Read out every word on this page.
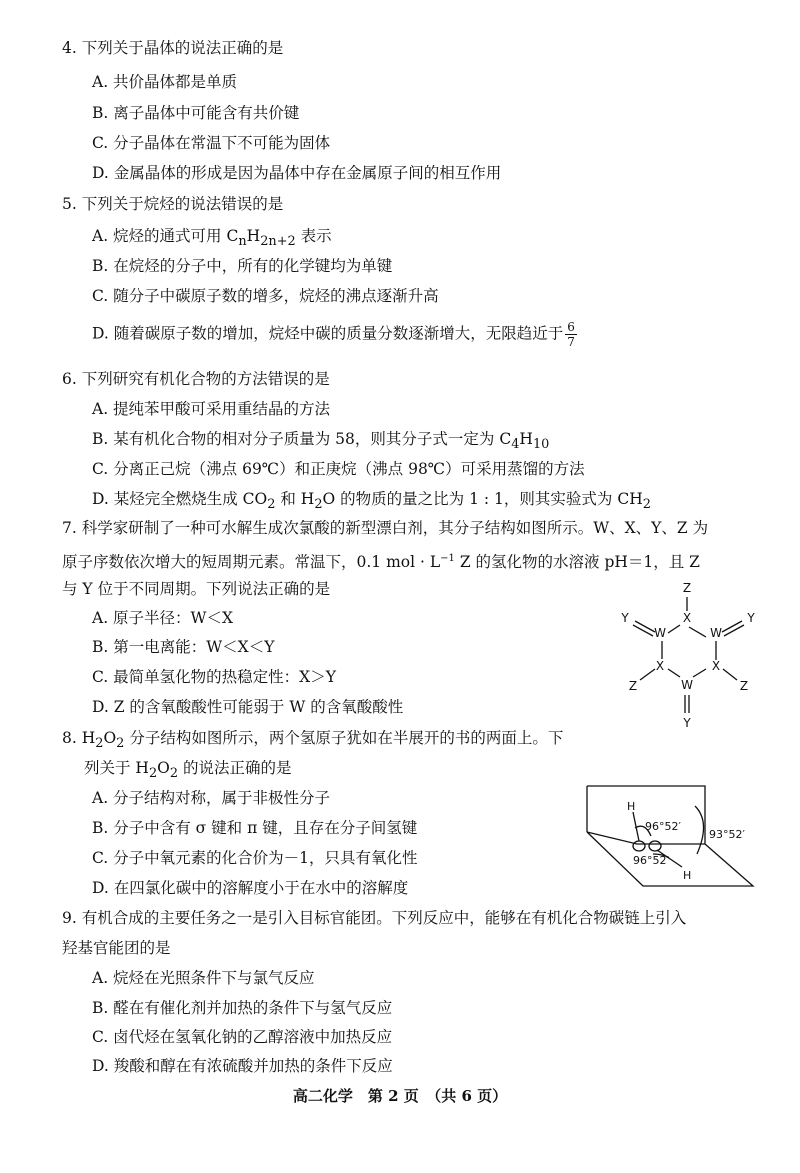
4. 下列关于晶体的说法正确的是
A. 共价晶体都是单质
B. 离子晶体中可能含有共价键
C. 分子晶体在常温下不可能为固体
D. 金属晶体的形成是因为晶体中存在金属原子间的相互作用
5. 下列关于烷烃的说法错误的是
A. 烷烃的通式可用 $C_nH_{2n+2}$ 表示
B. 在烷烃的分子中，所有的化学键均为单键
C. 随分子中碳原子数的增多，烷烃的沸点逐渐升高
D. 随着碳原子数的增加，烷烃中碳的质量分数逐渐增大，无限趋近于 $\frac{6}{7}$
6. 下列研究有机化合物的方法错误的是
A. 提纯苯甲酸可采用重结晶的方法
B. 某有机化合物的相对分子质量为 58，则其分子式一定为 $C_4H_{10}$
C. 分离正己烷（沸点 69℃）和正庚烷（沸点 98℃）可采用蒸馏的方法
D. 某烃完全燃烧生成 $CO_2$ 和 $H_2O$ 的物质的量之比为 1 : 1，则其实验式为 $CH_2$
7. 科学家研制了一种可水解生成次氯酸的新型漂白剂，其分子结构如图所示。W、X、Y、Z 为
原子序数依次增大的短周期元素。常温下，0.1 mol · $L^{-1}$ Z 的氢化物的水溶液 pH＝1，且 Z
与 Y 位于不同周期。下列说法正确的是
A. 原子半径：W＜X
B. 第一电离能：W＜X＜Y
C. 最简单氢化物的热稳定性：X＞Y
D. Z 的含氧酸酸性可能弱于 W 的含氧酸酸性
X
W
X
W
X
W
Z
Z
Z
Y
Y
Y
8. $H_2O_2$ 分子结构如图所示，两个氢原子犹如在半展开的书的两面上。下
列关于 $H_2O_2$ 的说法正确的是
A. 分子结构对称，属于非极性分子
B. 分子中含有 σ 键和 π 键，且存在分子间氢键
C. 分子中氧元素的化合价为－1，只具有氧化性
D. 在四氯化碳中的溶解度小于在水中的溶解度
H
H
96°52′
96°52′
93°52′
9. 有机合成的主要任务之一是引入目标官能团。下列反应中，能够在有机化合物碳链上引入
羟基官能团的是
A. 烷烃在光照条件下与氯气反应
B. 醛在有催化剂并加热的条件下与氢气反应
C. 卤代烃在氢氧化钠的乙醇溶液中加热反应
D. 羧酸和醇在有浓硫酸并加热的条件下反应
高二化学　第 2 页　（共 6 页）
